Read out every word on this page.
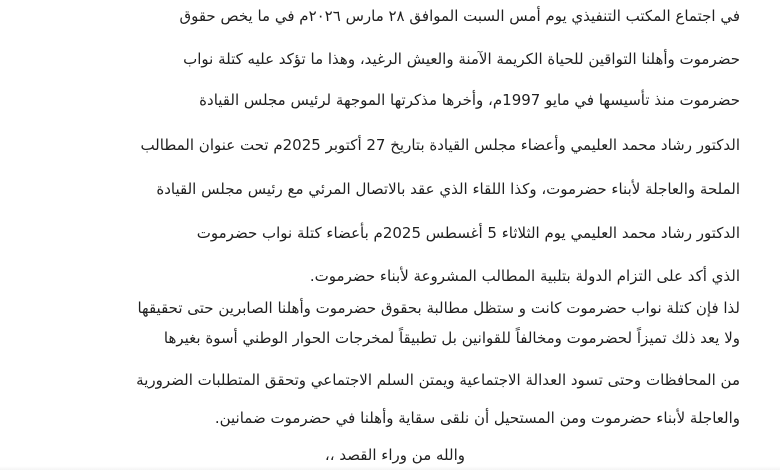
في اجتماع المكتب التنفيذي يوم أمس السبت الموافق ٢٨ مارس ٢٠٢٦م في ما يخص حقوق
حضرموت وأهلنا التواقين للحياة الكريمة الآمنة والعيش الرغيد، وهذا ما تؤكد عليه كتلة نواب
حضرموت منذ تأسيسها في مايو 1997م، وأخرها مذكرتها الموجهة لرئيس مجلس القيادة
الدكتور رشاد محمد العليمي وأعضاء مجلس القيادة بتاريخ 27 أكتوبر 2025م تحت عنوان المطالب
الملحة والعاجلة لأبناء حضرموت، وكذا اللقاء الذي عقد بالاتصال المرئي مع رئيس مجلس القيادة
الدكتور رشاد محمد العليمي يوم الثلاثاء 5 أغسطس 2025م بأعضاء كتلة نواب حضرموت
الذي أكد على التزام الدولة بتلبية المطالب المشروعة لأبناء حضرموت.
لذا فإن كتلة نواب حضرموت كانت و ستظل مطالبة بحقوق حضرموت وأهلنا الصابرين حتى تحقيقها
ولا يعد ذلك تميزاً لحضرموت ومخالفاً للقوانين بل تطبيقاً لمخرجات الحوار الوطني أسوة بغيرها
من المحافظات وحتى تسود العدالة الاجتماعية ويمتن السلم الاجتماعي وتحقق المتطلبات الضرورية
والعاجلة لأبناء حضرموت ومن المستحيل أن نلقى سقاية وأهلنا في حضرموت ضمانين.
والله من وراء القصد ،،
